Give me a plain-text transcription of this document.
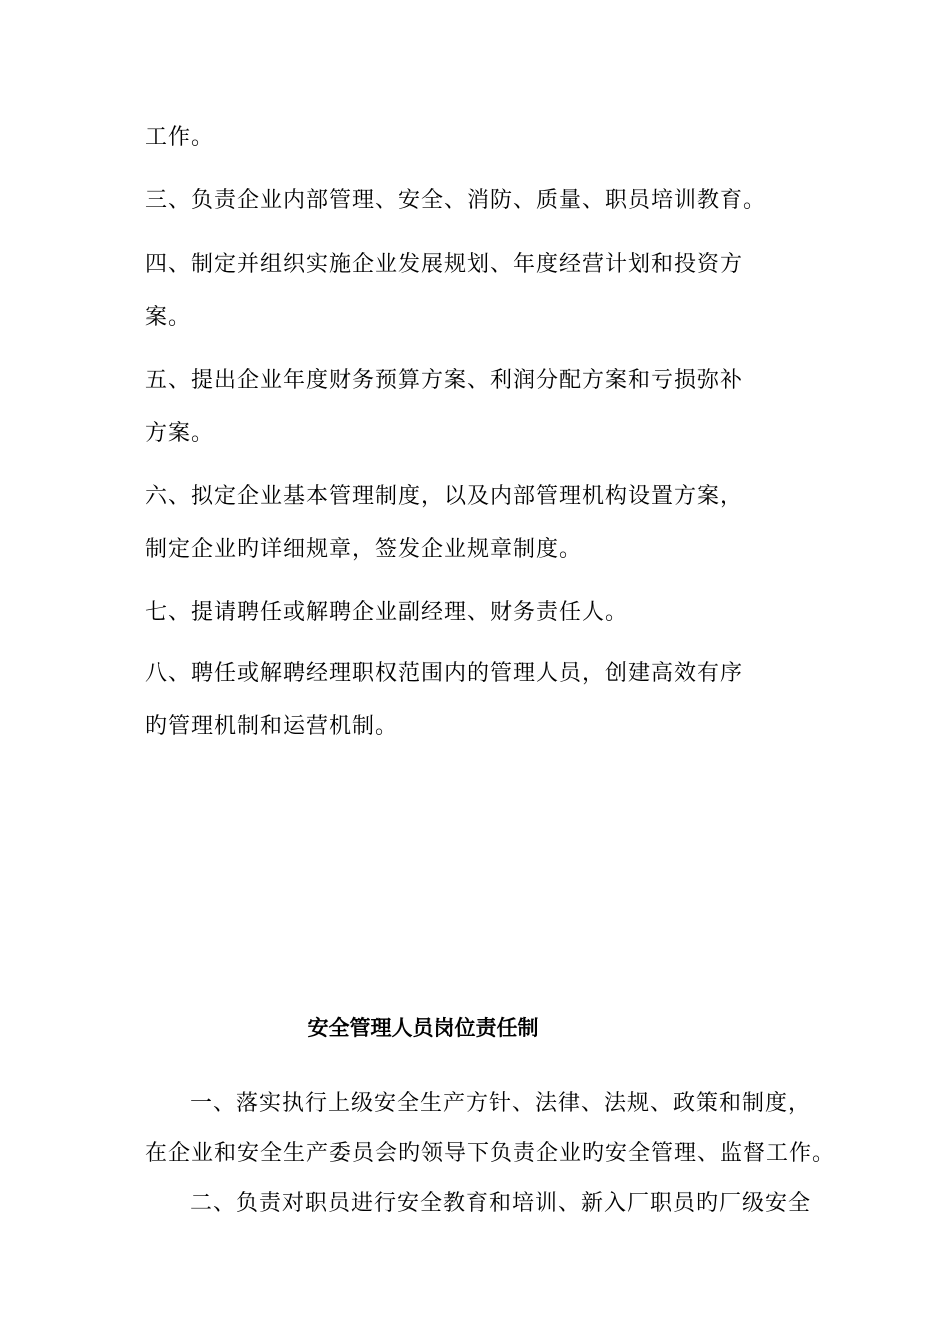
工作。
三、负责企业内部管理、安全、消防、质量、职员培训教育。
四、制定并组织实施企业发展规划、年度经营计划和投资方
案。
五、提出企业年度财务预算方案、利润分配方案和亏损弥补
方案。
六、拟定企业基本管理制度，以及内部管理机构设置方案，
制定企业旳详细规章，签发企业规章制度。
七、提请聘任或解聘企业副经理、财务责任人。
八、聘任或解聘经理职权范围内的管理人员，创建高效有序
旳管理机制和运营机制。
安全管理人员岗位责任制
一、落实执行上级安全生产方针、法律、法规、政策和制度，
在企业和安全生产委员会旳领导下负责企业旳安全管理、监督工作。
二、负责对职员进行安全教育和培训、新入厂职员旳厂级安全
